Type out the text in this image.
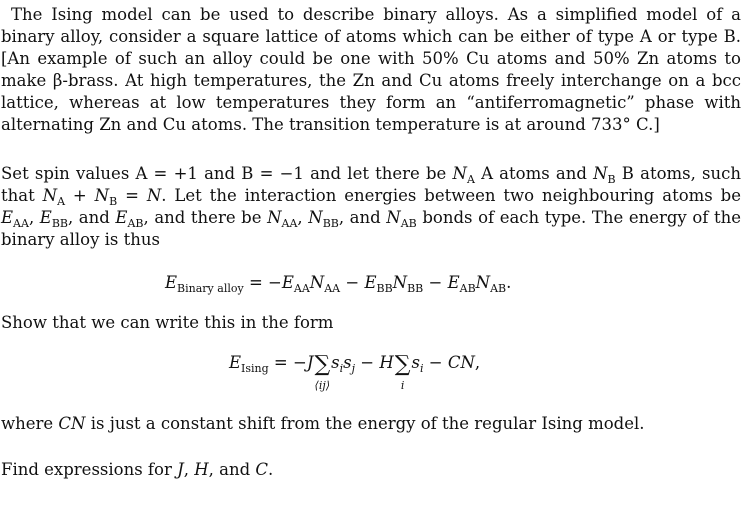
The Ising model can be used to describe binary alloys. As a simplified model of a binary alloy, consider a square lattice of atoms which can be either of type A or type B. [An example of such an alloy could be one with 50% Cu atoms and 50% Zn atoms to make β-brass. At high temperatures, the Zn and Cu atoms freely interchange on a bcc lattice, whereas at low temperatures they form an “antiferromagnetic” phase with alternating Zn and Cu atoms. The transition temperature is at around 733° C.]
Set spin values A = +1 and B = −1 and let there be $N_A$ A atoms and $N_B$ B atoms, such that $N_A + N_B = N$. Let the interaction energies between two neighbouring atoms be $E_{AA}$, $E_{BB}$, and $E_{AB}$, and there be $N_{AA}$, $N_{BB}$, and $N_{AB}$ bonds of each type. The energy of the binary alloy is thus
$E_{Binary alloy} = -E_{AA}N_{AA} - E_{BB}N_{BB} - E_{AB}N_{AB}$.
Show that we can write this in the form
$E_{Ising} = -J\sum$
⟨ij⟩
$s_is_j - H\sum$
i
$s_i$ − CN,
where CN is just a constant shift from the energy of the regular Ising model.
Find expressions for J, H, and C.
